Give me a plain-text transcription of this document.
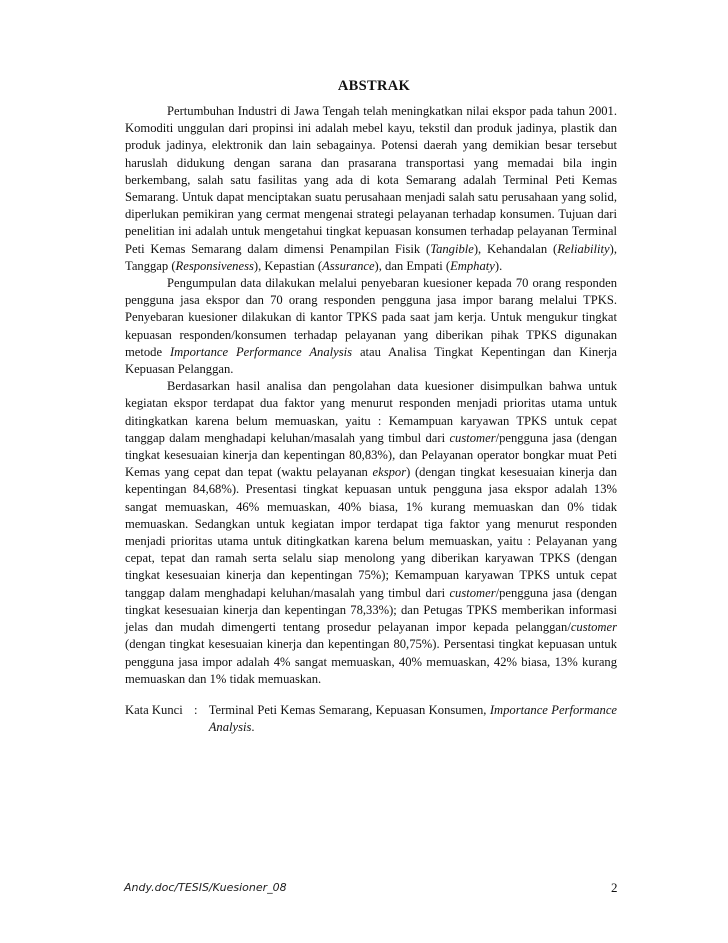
ABSTRAK

Pertumbuhan Industri di Jawa Tengah telah meningkatkan nilai ekspor pada tahun 2001. Komoditi unggulan dari propinsi ini adalah mebel kayu, tekstil dan produk jadinya, plastik dan produk jadinya, elektronik dan lain sebagainya. Potensi daerah yang demikian besar tersebut haruslah didukung dengan sarana dan prasarana transportasi yang memadai bila ingin berkembang, salah satu fasilitas yang ada di kota Semarang adalah Terminal Peti Kemas Semarang. Untuk dapat menciptakan suatu perusahaan menjadi salah satu perusahaan yang solid, diperlukan pemikiran yang cermat mengenai strategi pelayanan terhadap konsumen. Tujuan dari penelitian ini adalah untuk mengetahui tingkat kepuasan konsumen terhadap pelayanan Terminal Peti Kemas Semarang dalam dimensi Penampilan Fisik (Tangible), Kehandalan (Reliability), Tanggap (Responsiveness), Kepastian (Assurance), dan Empati (Emphaty).

Pengumpulan data dilakukan melalui penyebaran kuesioner kepada 70 orang responden pengguna jasa ekspor dan 70 orang responden pengguna jasa impor barang melalui TPKS. Penyebaran kuesioner dilakukan di kantor TPKS pada saat jam kerja. Untuk mengukur tingkat kepuasan responden/konsumen terhadap pelayanan yang diberikan pihak TPKS digunakan metode Importance Performance Analysis atau Analisa Tingkat Kepentingan dan Kinerja Kepuasan Pelanggan.

Berdasarkan hasil analisa dan pengolahan data kuesioner disimpulkan bahwa untuk kegiatan ekspor terdapat dua faktor yang menurut responden menjadi prioritas utama untuk ditingkatkan karena belum memuaskan, yaitu : Kemampuan karyawan TPKS untuk cepat tanggap dalam menghadapi keluhan/masalah yang timbul dari customer/pengguna jasa (dengan tingkat kesesuaian kinerja dan kepentingan 80,83%), dan Pelayanan operator bongkar muat Peti Kemas yang cepat dan tepat (waktu pelayanan ekspor) (dengan tingkat kesesuaian kinerja dan kepentingan 84,68%). Presentasi tingkat kepuasan untuk pengguna jasa ekspor adalah 13% sangat memuaskan, 46% memuaskan, 40% biasa, 1% kurang memuaskan dan 0% tidak memuaskan. Sedangkan untuk kegiatan impor terdapat tiga faktor yang menurut responden menjadi prioritas utama untuk ditingkatkan karena belum memuaskan, yaitu : Pelayanan yang cepat, tepat dan ramah serta selalu siap menolong yang diberikan karyawan TPKS (dengan tingkat kesesuaian kinerja dan kepentingan 75%); Kemampuan karyawan TPKS untuk cepat tanggap dalam menghadapi keluhan/masalah yang timbul dari customer/pengguna jasa (dengan tingkat kesesuaian kinerja dan kepentingan 78,33%); dan Petugas TPKS memberikan informasi jelas dan mudah dimengerti tentang prosedur pelayanan impor kepada pelanggan/customer (dengan tingkat kesesuaian kinerja dan kepentingan 80,75%). Persentasi tingkat kepuasan untuk pengguna jasa impor adalah 4% sangat memuaskan, 40% memuaskan, 42% biasa, 13% kurang memuaskan dan 1% tidak memuaskan.

Kata Kunci : Terminal Peti Kemas Semarang, Kepuasan Konsumen, Importance Performance Analysis.
Andy.doc/TESIS/Kuesioner_08	2
